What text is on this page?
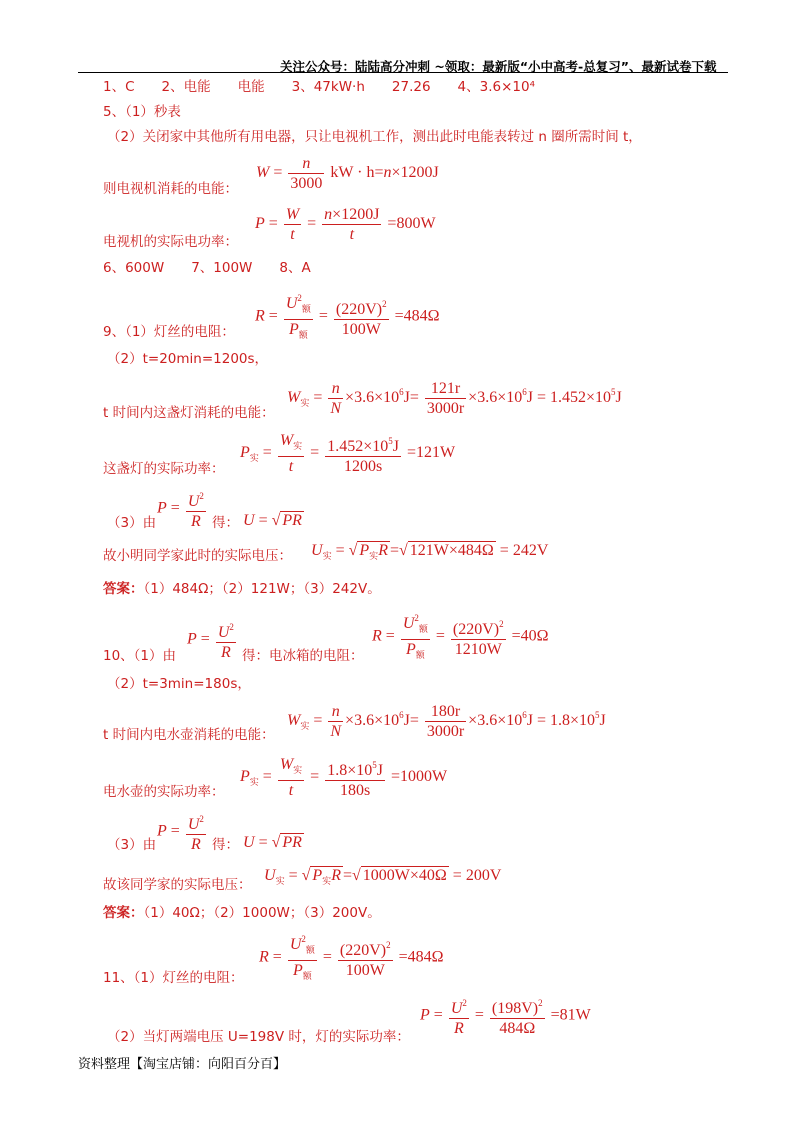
关注公众号：陆陆高分冲刺 ~领取：最新版“小中高考-总复习”、最新试卷下载
1、C　　2、电能　　电能　　3、47kW·h　　27.26　　4、3.6×10⁴
5、（1）秒表
（2）关闭家中其他所有用电器，只让电视机工作，测出此时电能表转过 n 圈所需时间 t，
$W = \frac{n}{3000}$ kW · h=n×1200J
则电视机消耗的电能：
$P = \frac{W}{t} = \frac{n\times 1200J}{t} =800W$
电视机的实际电功率：
6、600W　　7、100W　　8、A
$R = \frac{U^2_额}{P_额} = \frac{(220V)^2}{100W} =484\Omega$
9、（1）灯丝的电阻：
（2）t=20min=1200s，
$W_实 = \frac{n}{N} \times 3.6\times 10^6J= \frac{121r}{3000r} \times 3.6\times 10^6J = 1.452\times 10^5J$
t 时间内这盏灯消耗的电能：
$P_实 = \frac{W_实}{t} = \frac{1.452\times 10^5J}{1200s} =121W$
这盏灯的实际功率：
$P = \frac{U^2}{R}$
（3）由	得： U = √ PR
$U_实$ = √ $P_实R$ =√ 121W×484Ω = 242V
故小明同学家此时的实际电压：
答案：（1）484Ω；（2）121W；（3）242V。
$P = \frac{U^2}{R}$	$R = \frac{U^2_额}{P_额} = \frac{(220V)^2}{1210W} =40\Omega$
10、（1）由	得：电冰箱的电阻：
（2）t=3min=180s，
$W_实 = \frac{n}{N} \times 3.6\times 10^6J= \frac{180r}{3000r} \times 3.6\times 10^6J = 1.8\times 10^5J$
t 时间内电水壶消耗的电能：
$P_实 = \frac{W_实}{t} = \frac{1.8\times 10^5J}{180s} =1000W$
电水壶的实际功率：
$P = \frac{U^2}{R}$
（3）由	得： U = √ PR
$U_实$ = √ $P_实R$ =√ 1000W×40Ω = 200V
故该同学家的实际电压：
答案：（1）40Ω；（2）1000W；（3）200V。
$R = \frac{U^2_额}{P_额} = \frac{(220V)^2}{100W} =484\Omega$
11、（1）灯丝的电阻：
$P = \frac{U^2}{R} = \frac{(198V)^2}{484\Omega} =81W$
（2）当灯两端电压 U=198V 时，灯的实际功率：
资料整理【淘宝店铺：向阳百分百】
